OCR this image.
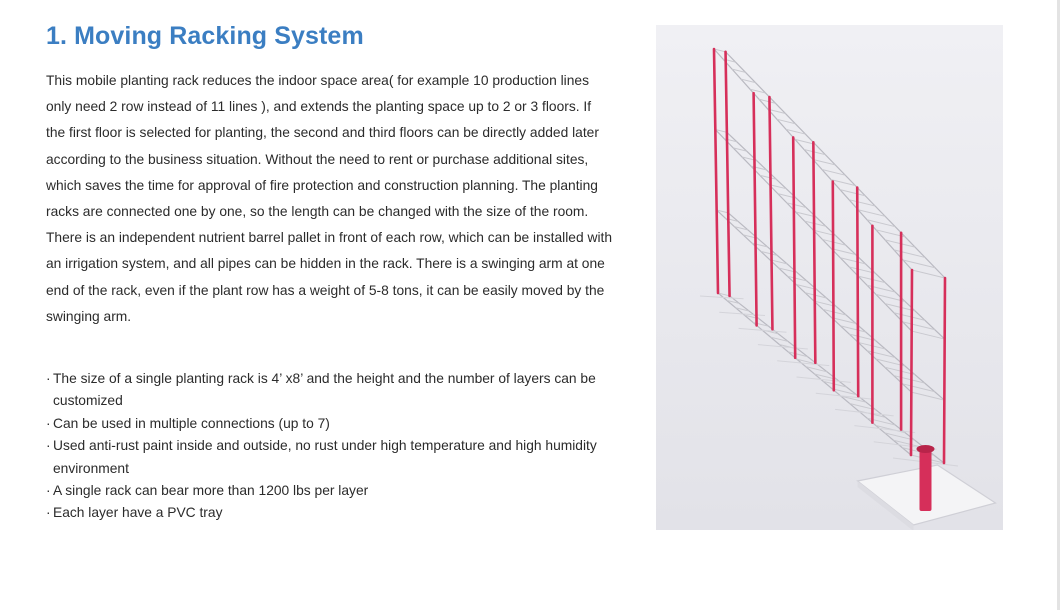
1. Moving Racking System

This mobile planting rack reduces the indoor space area( for example 10 production lines only need 2 row instead of 11 lines ), and extends the planting space up to 2 or 3 floors. If the first floor is selected for planting, the second and third floors can be directly added later according to the business situation. Without the need to rent or purchase additional sites, which saves the time for approval of fire protection and construction planning. The planting racks are connected one by one, so the length can be changed with the size of the room. There is an independent nutrient barrel pallet in front of each row, which can be installed with an irrigation system, and all pipes can be hidden in the rack. There is a swinging arm at one end of the rack, even if the plant row has a weight of 5-8 tons, it can be easily moved by the swinging arm.

· The size of a single planting rack is 4’ x8’ and the height and the number of layers can be customized
· Can be used in multiple connections (up to 7)
· Used anti-rust paint inside and outside, no rust under high temperature and high humidity environment
· A single rack can bear more than 1200 lbs per layer
· Each layer have a PVC tray
